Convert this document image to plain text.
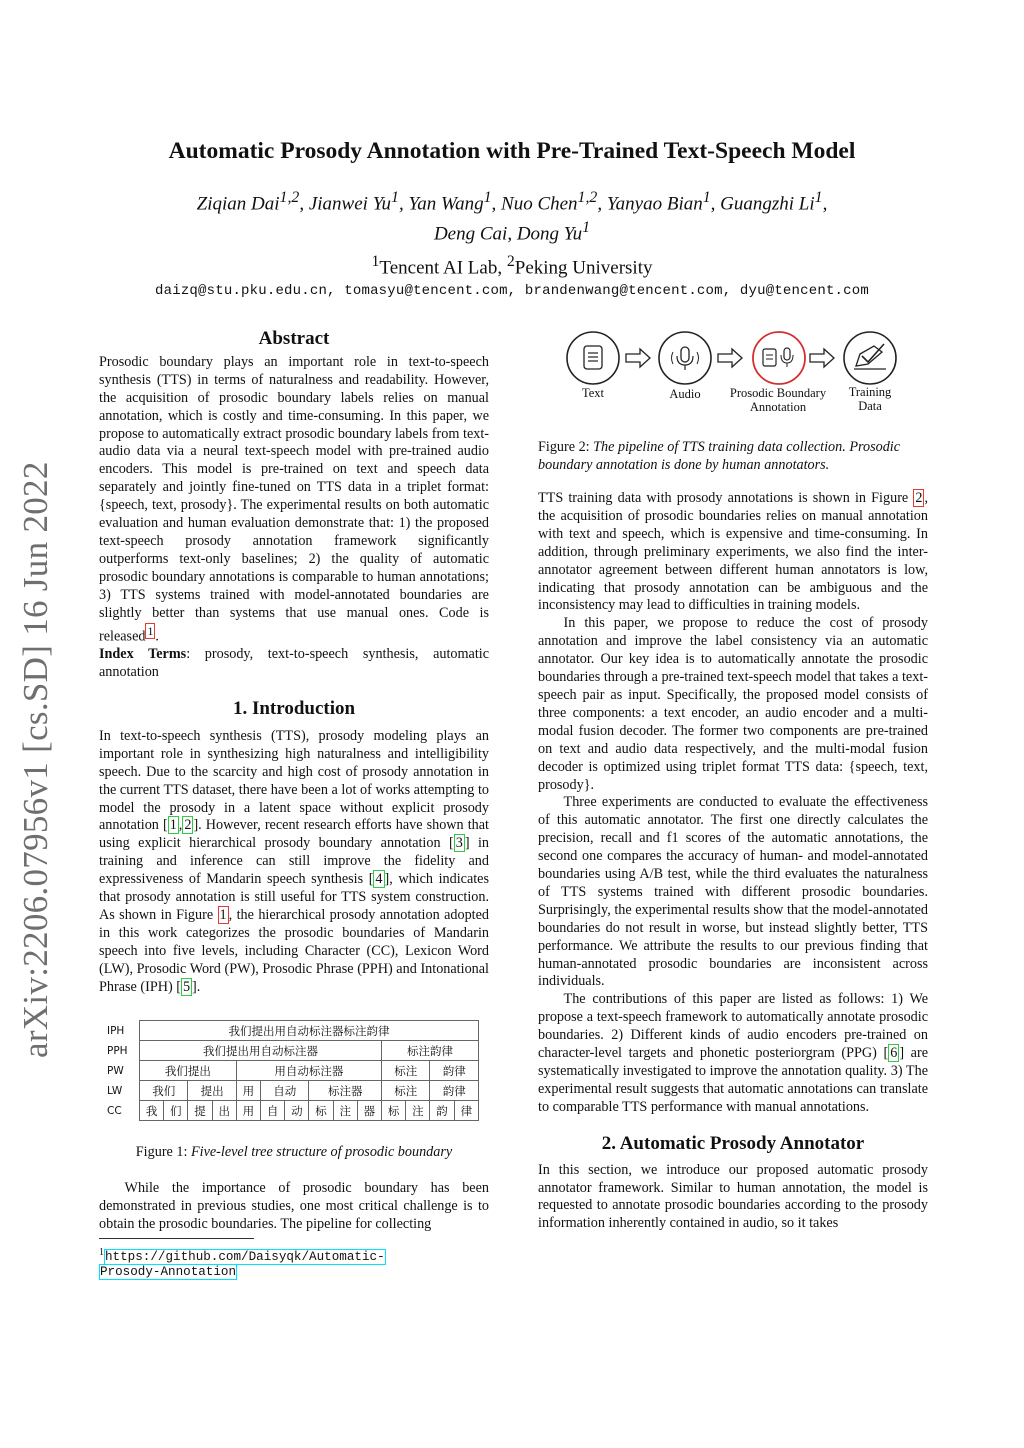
Automatic Prosody Annotation with Pre-Trained Text-Speech Model
Ziqian Dai$^{1,2}$, Jianwei Yu$^1$, Yan Wang$^1$, Nuo Chen$^{1,2}$, Yanyao Bian$^1$, Guangzhi Li$^1$,
Deng Cai, Dong Yu$^1$
$^1$Tencent AI Lab, $^2$Peking University
daizq@stu.pku.edu.cn, tomasyu@tencent.com, brandenwang@tencent.com, dyu@tencent.com
arXiv:2206.07956v1 [cs.SD] 16 Jun 2022
Abstract

Prosodic boundary plays an important role in text-to-speech synthesis (TTS) in terms of naturalness and readability. However, the acquisition of prosodic boundary labels relies on manual annotation, which is costly and time-consuming. In this paper, we propose to automatically extract prosodic boundary labels from text-audio data via a neural text-speech model with pre-trained audio encoders. This model is pre-trained on text and speech data separately and jointly fine-tuned on TTS data in a triplet format: {speech, text, prosody}. The experimental results on both automatic evaluation and human evaluation demonstrate that: 1) the proposed text-speech prosody annotation framework significantly outperforms text-only baselines; 2) the quality of automatic prosodic boundary annotations is comparable to human annotations; 3) TTS systems trained with model-annotated boundaries are slightly better than systems that use manual ones. Code is released $^1$ .

Index Terms: prosody, text-to-speech synthesis, automatic annotation

1. Introduction

In text-to-speech synthesis (TTS), prosody modeling plays an important role in synthesizing high naturalness and intelligibility speech. Due to the scarcity and high cost of prosody annotation in the current TTS dataset, there have been a lot of works attempting to model the prosody in a latent space without explicit prosody annotation [ 1 , 2 ]. However, recent research efforts have shown that using explicit hierarchical prosody boundary annotation [ 3 ] in training and inference can still improve the fidelity and expressiveness of Mandarin speech synthesis [ 4 ], which indicates that prosody annotation is still useful for TTS system construction. As shown in Figure 1 , the hierarchical prosody annotation adopted in this work categorizes the prosodic boundaries of Mandarin speech into five levels, including Character (CC), Lexicon Word (LW), Prosodic Word (PW), Prosodic Phrase (PPH) and Intonational Phrase (IPH) [ 5 ].

IPH	我们提出用自动标注器标注韵律													
PPH	我们提出用自动标注器										标注韵律			
PW	我们提出				用自动标注器						标注		韵律	
LW	我们		提出		用	自动		标注器			标注		韵律	
CC	我	们	提	出	用	自	动	标	注	器	标	注	韵	律
Figure 1: Five-level tree structure of prosodic boundary

While the importance of prosodic boundary has been demonstrated in previous studies, one most critical challenge is to obtain the prosodic boundaries. The pipeline for collecting

$^1$https://github.com/Daisyqk/Automatic-
Prosody-Annotation
Text	Audio	Prosodic Boundary
Annotation
Training
Data
Figure 2: The pipeline of TTS training data collection. Prosodic boundary annotation is done by human annotators.

TTS training data with prosody annotations is shown in Figure 2 , the acquisition of prosodic boundaries relies on manual annotation with text and speech, which is expensive and time-consuming. In addition, through preliminary experiments, we also find the inter-annotator agreement between different human annotators is low, indicating that prosody annotation can be ambiguous and the inconsistency may lead to difficulties in training models.

In this paper, we propose to reduce the cost of prosody annotation and improve the label consistency via an automatic annotator. Our key idea is to automatically annotate the prosodic boundaries through a pre-trained text-speech model that takes a text-speech pair as input. Specifically, the proposed model consists of three components: a text encoder, an audio encoder and a multi-modal fusion decoder. The former two components are pre-trained on text and audio data respectively, and the multi-modal fusion decoder is optimized using triplet format TTS data: {speech, text, prosody}.

Three experiments are conducted to evaluate the effectiveness of this automatic annotator. The first one directly calculates the precision, recall and f1 scores of the automatic annotations, the second one compares the accuracy of human- and model-annotated boundaries using A/B test, while the third evaluates the naturalness of TTS systems trained with different prosodic boundaries. Surprisingly, the experimental results show that the model-annotated boundaries do not result in worse, but instead slightly better, TTS performance. We attribute the results to our previous finding that human-annotated prosodic boundaries are inconsistent across individuals.

The contributions of this paper are listed as follows: 1) We propose a text-speech framework to automatically annotate prosodic boundaries. 2) Different kinds of audio encoders pre-trained on character-level targets and phonetic posteriorgram (PPG) [ 6 ] are systematically investigated to improve the annotation quality. 3) The experimental result suggests that automatic annotations can translate to comparable TTS performance with manual annotations.

2. Automatic Prosody Annotator

In this section, we introduce our proposed automatic prosody annotator framework. Similar to human annotation, the model is requested to annotate prosodic boundaries according to the prosody information inherently contained in audio, so it takes
